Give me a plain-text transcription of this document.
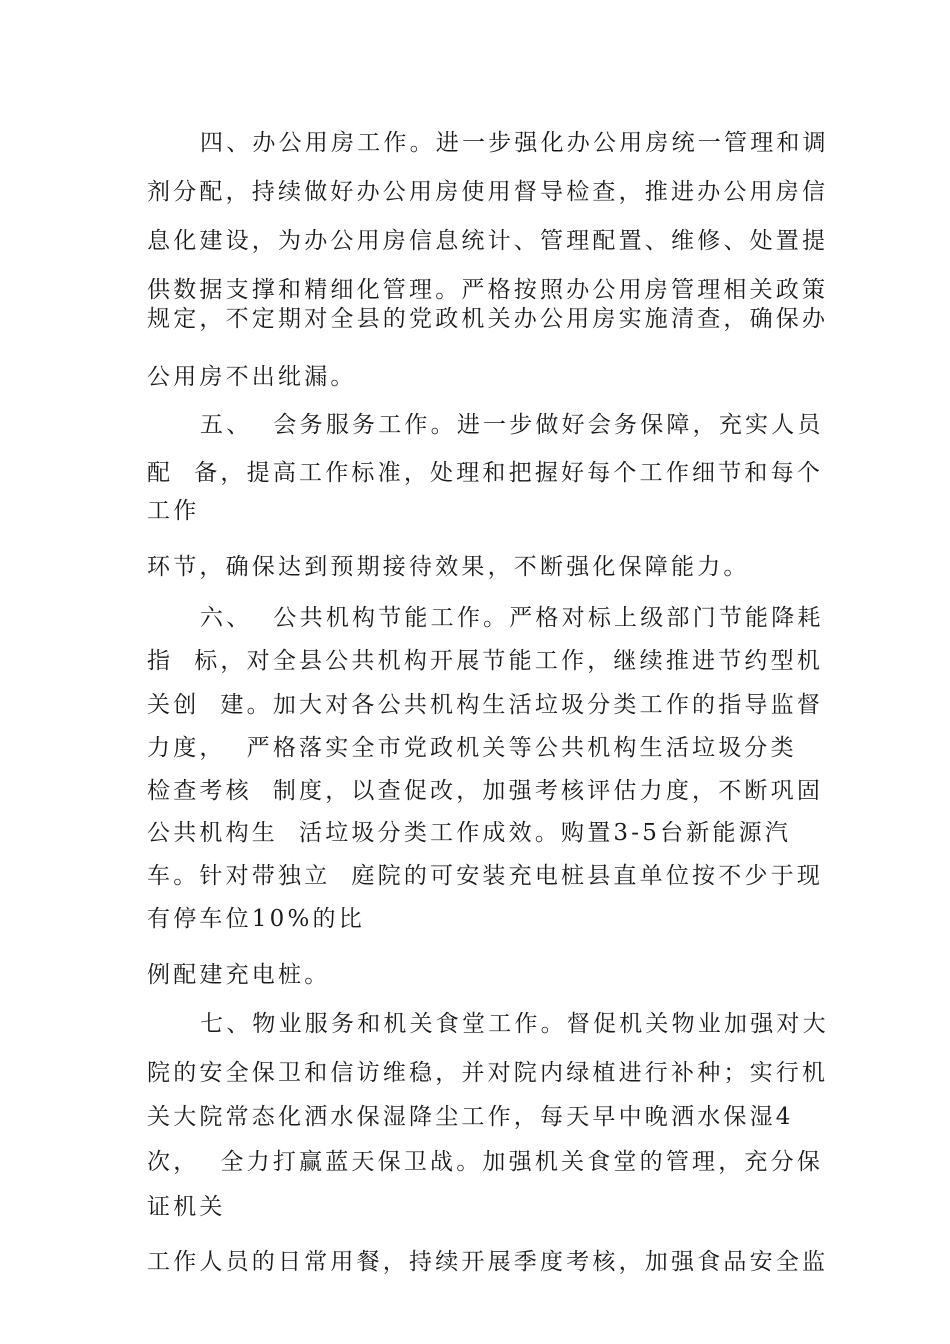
四、办公用房工作。进一步强化办公用房统一管理和调
剂分配，持续做好办公用房使用督导检查，推进办公用房信
息化建设，为办公用房信息统计、管理配置、维修、处置提
供数据支撑和精细化管理。严格按照办公用房管理相关政策
规定，不定期对全县的党政机关办公用房实施清查，确保办
公用房不出纰漏。
五、  会务服务工作。进一步做好会务保障，充实人员
配  备，提高工作标准，处理和把握好每个工作细节和每个
工作
环节，确保达到预期接待效果，不断强化保障能力。
六、  公共机构节能工作。严格对标上级部门节能降耗
指  标，对全县公共机构开展节能工作，继续推进节约型机
关创  建。加大对各公共机构生活垃圾分类工作的指导监督
力度，  严格落实全市党政机关等公共机构生活垃圾分类
检查考核  制度，以查促改，加强考核评估力度，不断巩固
公共机构生  活垃圾分类工作成效。购置3-5台新能源汽
车。针对带独立  庭院的可安装充电桩县直单位按不少于现
有停车位10%的比
例配建充电桩。
七、物业服务和机关食堂工作。督促机关物业加强对大
院的安全保卫和信访维稳，并对院内绿植进行补种；实行机
关大院常态化洒水保湿降尘工作，每天早中晚洒水保湿4
次，  全力打赢蓝天保卫战。加强机关食堂的管理，充分保
证机关
工作人员的日常用餐，持续开展季度考核，加强食品安全监
